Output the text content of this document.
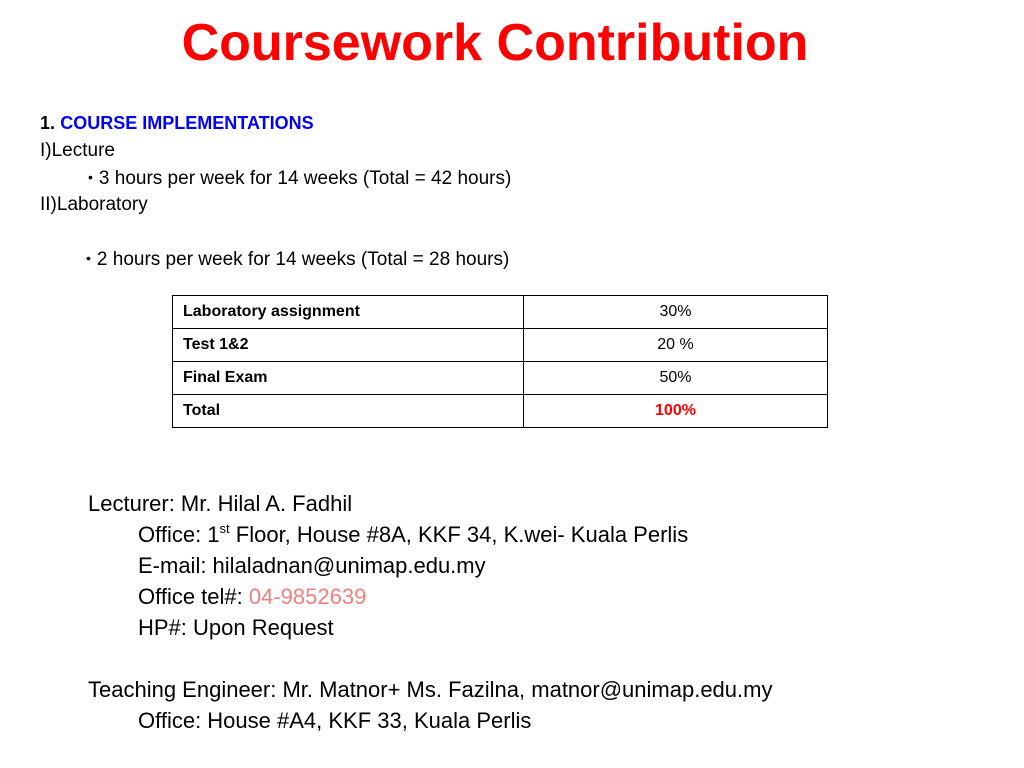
Coursework Contribution
1. COURSE IMPLEMENTATIONS
I)Lecture
• 3 hours per week for 14 weeks (Total = 42 hours)
II)Laboratory
• 2 hours per week for 14 weeks (Total = 28 hours)
Laboratory assignment	30%
Test 1&2	20 %
Final Exam	50%
Total	100%
Lecturer: Mr. Hilal A. Fadhil
Office: 1st Floor, House #8A, KKF 34, K.wei- Kuala Perlis
E-mail: hilaladnan@unimap.edu.my
Office tel#: 04-9852639
HP#: Upon Request
Teaching Engineer: Mr. Matnor+ Ms. Fazilna, matnor@unimap.edu.my
Office: House #A4, KKF 33, Kuala Perlis
